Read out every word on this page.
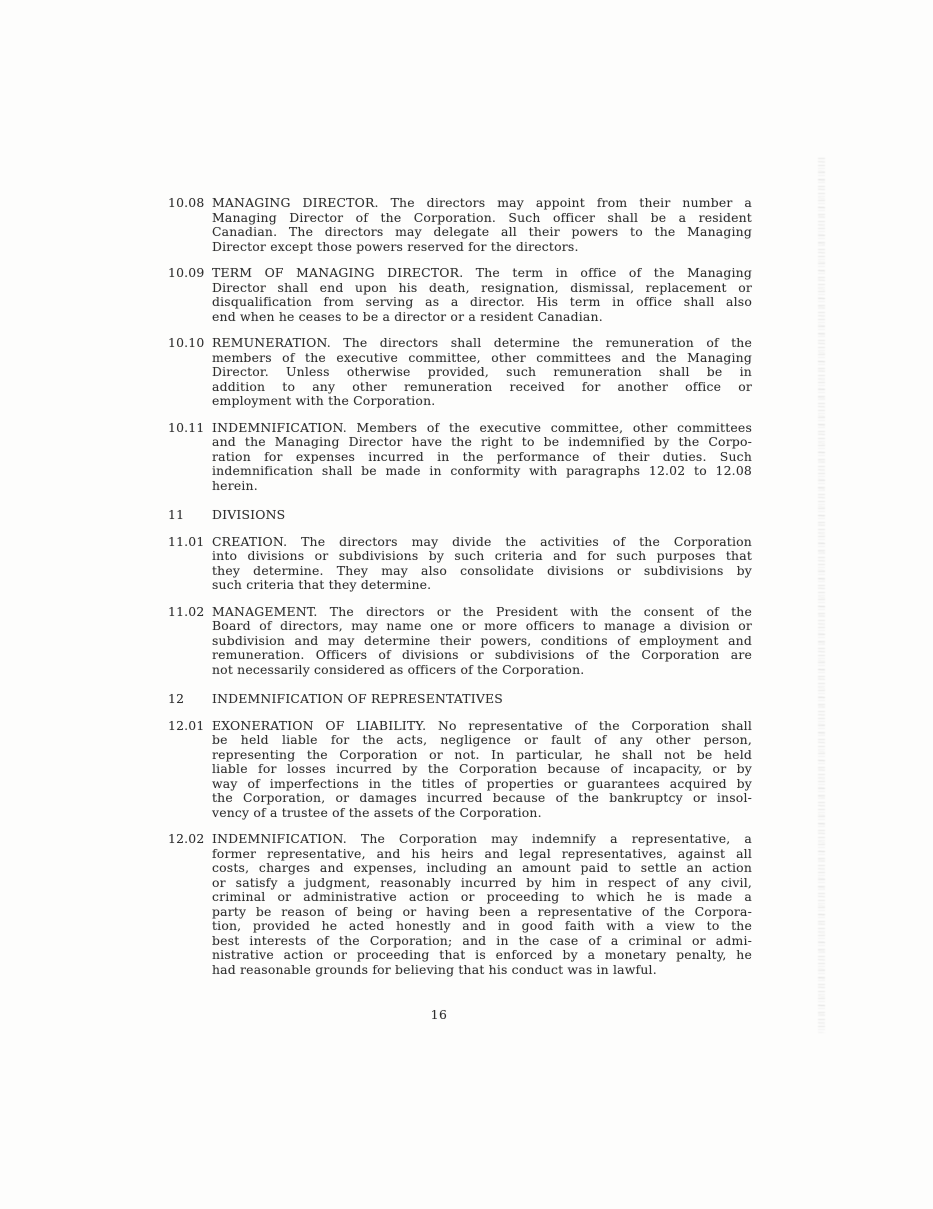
10.08 MANAGING DIRECTOR. The directors may appoint from their number a
Managing Director of the Corporation. Such officer shall be a resident
Canadian. The directors may delegate all their powers to the Managing
Director except those powers reserved for the directors.
10.09 TERM OF MANAGING DIRECTOR. The term in office of the Managing
Director shall end upon his death, resignation, dismissal, replacement or
disqualification from serving as a director. His term in office shall also
end when he ceases to be a director or a resident Canadian.
10.10 REMUNERATION. The directors shall determine the remuneration of the
members of the executive committee, other committees and the Managing
Director. Unless otherwise provided, such remuneration shall be in
addition to any other remuneration received for another office or
employment with the Corporation.
10.11 INDEMNIFICATION. Members of the executive committee, other committees
and the Managing Director have the right to be indemnified by the Corpo-
ration for expenses incurred in the performance of their duties. Such
indemnification shall be made in conformity with paragraphs 12.02 to 12.08
herein.
11	DIVISIONS
11.01 CREATION. The directors may divide the activities of the Corporation
into divisions or subdivisions by such criteria and for such purposes that
they determine. They may also consolidate divisions or subdivisions by
such criteria that they determine.
11.02 MANAGEMENT. The directors or the President with the consent of the
Board of directors, may name one or more officers to manage a division or
subdivision and may determine their powers, conditions of employment and
remuneration. Officers of divisions or subdivisions of the Corporation are
not necessarily considered as officers of the Corporation.
12	INDEMNIFICATION OF REPRESENTATIVES
12.01 EXONERATION OF LIABILITY. No representative of the Corporation shall
be held liable for the acts, negligence or fault of any other person,
representing the Corporation or not. In particular, he shall not be held
liable for losses incurred by the Corporation because of incapacity, or by
way of imperfections in the titles of properties or guarantees acquired by
the Corporation, or damages incurred because of the bankruptcy or insol-
vency of a trustee of the assets of the Corporation.
12.02 INDEMNIFICATION. The Corporation may indemnify a representative, a
former representative, and his heirs and legal representatives, against all
costs, charges and expenses, including an amount paid to settle an action
or satisfy a judgment, reasonably incurred by him in respect of any civil,
criminal or administrative action or proceeding to which he is made a
party be reason of being or having been a representative of the Corpora-
tion, provided he acted honestly and in good faith with a view to the
best interests of the Corporation; and in the case of a criminal or admi-
nistrative action or proceeding that is enforced by a monetary penalty, he
had reasonable grounds for believing that his conduct was in lawful.
16
